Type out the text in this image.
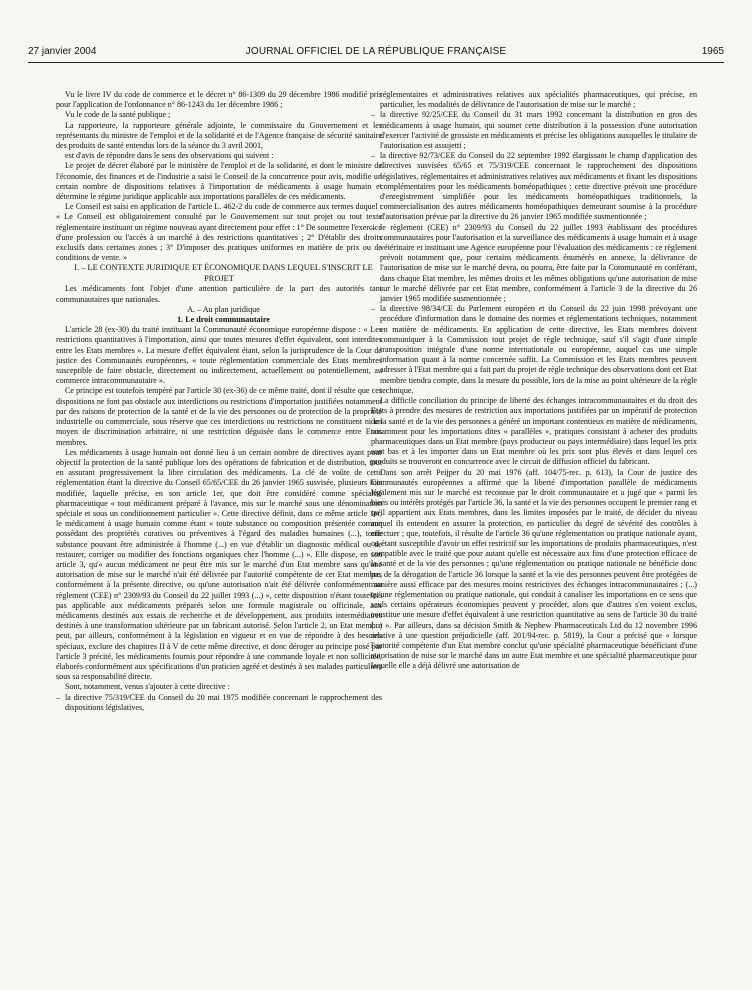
27 janvier 2004	JOURNAL OFFICIEL DE LA RÉPUBLIQUE FRANÇAISE	1965

Vu le livre IV du code de commerce et le décret n° 86-1309 du 29 décembre 1986 modifié pris pour l'application de l'ordonnance n° 86-1243 du 1er décembre 1986 ;

Vu le code de la santé publique ;

La rapporteure, la rapporteure générale adjointe, le commissaire du Gouvernement et les représentants du ministre de l'emploi et de la solidarité et de l'Agence française de sécurité sanitaire des produits de santé entendus lors de la séance du 3 avril 2001,

est d'avis de répondre dans le sens des observations qui suivent :

Le projet de décret élaboré par le ministère de l'emploi et de la solidarité, et dont le ministre de l'économie, des finances et de l'industrie a saisi le Conseil de la concurrence pour avis, modifie un certain nombre de dispositions relatives à l'importation de médicaments à usage humain et détermine le régime juridique applicable aux importations parallèles de ces médicaments.

Le Conseil est saisi en application de l'article L. 462-2 du code de commerce aux termes duquel : « Le Conseil est obligatoirement consulté par le Gouvernement sur tout projet ou tout texte réglementaire instituant un régime nouveau ayant directement pour effet : 1° De soumettre l'exercice d'une profession ou l'accès à un marché à des restrictions quantitatives ; 2° D'établir des droits exclusifs dans certaines zones ; 3° D'imposer des pratiques uniformes en matière de prix ou de conditions de vente. »

I. – LE CONTEXTE JURIDIQUE ET ÉCONOMIQUE DANS LEQUEL S'INSCRIT LE PROJET

Les médicaments font l'objet d'une attention particulière de la part des autorités tant communautaires que nationales.

A. – Au plan juridique

1. Le droit communautaire

L'article 28 (ex-30) du traité instituant la Communauté économique européenne dispose : « Les restrictions quantitatives à l'importation, ainsi que toutes mesures d'effet équivalent, sont interdites entre les Etats membres ». La mesure d'effet équivalent étant, selon la jurisprudence de la Cour de justice des Communautés européennes, « toute réglementation commerciale des Etats membres susceptible de faire obstacle, directement ou indirectement, actuellement ou potentiellement, au commerce intracommunautaire ».

Ce principe est toutefois tempéré par l'article 30 (ex-36) de ce même traité, dont il résulte que ces dispositions ne font pas obstacle aux interdictions ou restrictions d'importation justifiées notamment par des raisons de protection de la santé et de la vie des personnes ou de protection de la propriété industrielle ou commerciale, sous réserve que ces interdictions ou restrictions ne constituent ni un moyen de discrimination arbitraire, ni une restriction déguisée dans le commerce entre Etats membres.

Les médicaments à usage humain ont donné lieu à un certain nombre de directives ayant pour objectif la protection de la santé publique lors des opérations de fabrication et de distribution, tout en assurant progressivement la libre circulation des médicaments. La clé de voûte de cette réglementation étant la directive du Conseil 65/65/CEE du 26 janvier 1965 susvisée, plusieurs fois modifiée, laquelle précise, en son article 1er, que doit être considéré comme spécialité pharmaceutique « tout médicament préparé à l'avance, mis sur le marché sous une dénomination spéciale et sous un conditionnement particulier ». Cette directive définit, dans ce même article 1er, le médicament à usage humain comme étant « toute substance ou composition présentée comme possédant des propriétés curatives ou préventives à l'égard des maladies humaines (...), toute substance pouvant être administrée à l'homme (...) en vue d'établir un diagnostic médical ou de restaurer, corriger ou modifier des fonctions organiques chez l'homme (...) ». Elle dispose, en son article 3, qu'« aucun médicament ne peut être mis sur le marché d'un Etat membre sans qu'une autorisation de mise sur le marché n'ait été délivrée par l'autorité compétente de cet Etat membre, conformément à la présente directive, ou qu'une autorisation n'ait été délivrée conformément au règlement (CEE) n° 2309/93 du Conseil du 22 juillet 1993 (...) », cette disposition n'étant toutefois pas applicable aux médicaments préparés selon une formule magistrale ou officinale, aux médicaments destinés aux essais de recherche et de développement, aux produits intermédiaires destinés à une transformation ultérieure par un fabricant autorisé. Selon l'article 2, un Etat membre peut, par ailleurs, conformément à la législation en vigueur et en vue de répondre à des besoins spéciaux, exclure des chapitres II à V de cette même directive, et donc déroger au principe posé par l'article 3 précité, les médicaments fournis pour répondre à une commande loyale et non sollicitée, élaborés conformément aux spécifications d'un praticien agréé et destinés à ses malades particuliers sous sa responsabilité directe.

Sont, notamment, venus s'ajouter à cette directive :

– la directive 75/319/CEE du Conseil du 20 mai 1975 modifiée concernant le rapprochement des dispositions législatives,

réglementaires et administratives relatives aux spécialités pharmaceutiques, qui précise, en particulier, les modalités de délivrance de l'autorisation de mise sur le marché ;

– la directive 92/25/CEE du Conseil du 31 mars 1992 concernant la distribution en gros des médicaments à usage humain, qui soumet cette distribution à la possession d'une autorisation d'exercer l'activité de grossiste en médicaments et précise les obligations auxquelles le titulaire de l'autorisation est assujetti ;
– la directive 92/73/CEE du Conseil du 22 septembre 1992 élargissant le champ d'application des directives susvisées 65/65 et 75/319/CEE concernant le rapprochement des dispositions législatives, réglementaires et administratives relatives aux médicaments et fixant les dispositions complémentaires pour les médicaments homéopathiques : cette directive prévoit une procédure d'enregistrement simplifiée pour les médicaments homéopathiques traditionnels, la commercialisation des autres médicaments homéopathiques demeurant soumise à la procédure d'autorisation prévue par la directive du 26 janvier 1965 modifiée susmentionnée ;
– le règlement (CEE) n° 2309/93 du Conseil du 22 juillet 1993 établissant des procédures communautaires pour l'autorisation et la surveillance des médicaments à usage humain et à usage vétérinaire et instituant une Agence européenne pour l'évaluation des médicaments : ce règlement prévoit notamment que, pour certains médicaments énumérés en annexe, la délivrance de l'autorisation de mise sur le marché devra, ou pourra, être faite par la Communauté en conférant, dans chaque Etat membre, les mêmes droits et les mêmes obligations qu'une autorisation de mise sur le marché délivrée par cet Etat membre, conformément à l'article 3 de la directive du 26 janvier 1965 modifiée susmentionnée ;
– la directive 98/34/CE du Parlement européen et du Conseil du 22 juin 1998 prévoyant une procédure d'information dans le domaine des normes et réglementations techniques, notamment en matière de médicaments. En application de cette directive, les Etats membres doivent communiquer à la Commission tout projet de règle technique, sauf s'il s'agit d'une simple transposition intégrale d'une norme internationale ou européenne, auquel cas une simple information quant à la norme concernée suffit. La Commission et les Etats membres peuvent adresser à l'Etat membre qui a fait part du projet de règle technique des observations dont cet Etat membre tiendra compte, dans la mesure du possible, lors de la mise au point ultérieure de la règle technique.

La difficile conciliation du principe de liberté des échanges intracommunautaires et du droit des Etats à prendre des mesures de restriction aux importations justifiées par un impératif de protection de la santé et de la vie des personnes a généré un important contentieux en matière de médicaments, notamment pour les importations dites « parallèles », pratiques consistant à acheter des produits pharmaceutiques dans un Etat membre (pays producteur ou pays intermédiaire) dans lequel les prix sont bas et à les importer dans un Etat membre où les prix sont plus élevés et dans lequel ces produits se trouveront en concurrence avec le circuit de diffusion officiel du fabricant.

Dans son arrêt Peijper du 20 mai 1976 (aff. 104/75-rec. p. 613), la Cour de justice des Communautés européennes a affirmé que la liberté d'importation parallèle de médicaments légalement mis sur le marché est reconnue par le droit communautaire et a jugé que « parmi les biens ou intérêts protégés par l'article 36, la santé et la vie des personnes occupent le premier rang et qu'il appartient aux Etats membres, dans les limites imposées par le traité, de décider du niveau auquel ils entendent en assurer la protection, en particulier du degré de sévérité des contrôles à effectuer ; que, toutefois, il résulte de l'article 36 qu'une réglementation ou pratique nationale ayant, ou étant susceptible d'avoir un effet restrictif sur les importations de produits pharmaceutiques, n'est compatible avec le traité que pour autant qu'elle est nécessaire aux fins d'une protection efficace de la santé et de la vie des personnes ; qu'une réglementation ou pratique nationale ne bénéficie donc pas de la dérogation de l'article 36 lorsque la santé et la vie des personnes peuvent être protégées de manière aussi efficace par des mesures moins restrictives des échanges intracommunautaires ; (...) qu'une réglementation ou pratique nationale, qui conduit à canaliser les importations en ce sens que seuls certains opérateurs économiques peuvent y procéder, alors que d'autres s'en voient exclus, constitue une mesure d'effet équivalent à une restriction quantitative au sens de l'article 30 du traité (...) ». Par ailleurs, dans sa décision Smith & Nephew Pharmaceuticals Ltd du 12 novembre 1996 relative à une question préjudicielle (aff. 201/94-rec. p. 5819), la Cour a précisé que « lorsque l'autorité compétente d'un Etat membre conclut qu'une spécialité pharmaceutique bénéficiant d'une autorisation de mise sur le marché dans un autre Etat membre et une spécialité pharmaceutique pour laquelle elle a déjà délivré une autorisation de
